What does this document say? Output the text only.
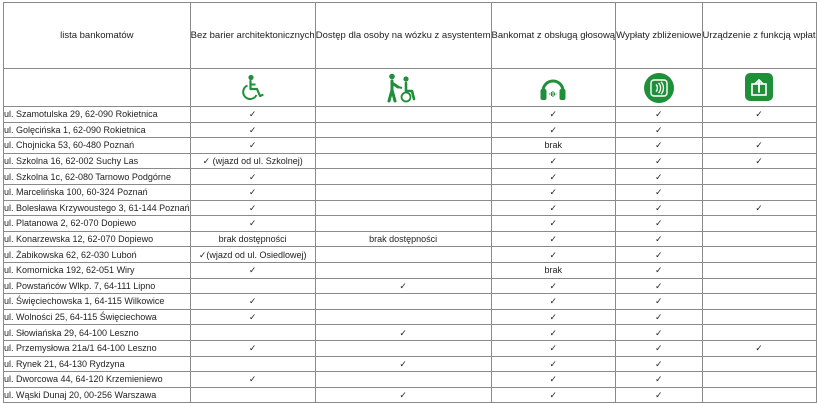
lista bankomatów	Bez barier architektonicznych	Dostęp dla osoby na wózku z asystentem	Bankomat z obsługą głosową	Wypłaty zbliżeniowe	Urządzenie z funkcją wpłat

ul. Szamotulska 29, 62-090 Rokietnica	✓		✓	✓	✓
ul. Golęcińska 1, 62-090 Rokietnica	✓		✓	✓	
ul. Chojnicka 53, 60-480 Poznań	✓		brak	✓	✓
ul. Szkolna 16, 62-002 Suchy Las	✓ (wjazd od ul. Szkolnej)		✓	✓	✓
ul. Szkolna 1c, 62-080 Tarnowo Podgórne	✓		✓	✓	
ul. Marcelińska 100, 60-324 Poznań	✓		✓	✓	
ul. Bolesława Krzywoustego 3, 61-144 Poznań	✓		✓	✓	✓
ul. Platanowa 2, 62-070 Dopiewo	✓		✓	✓	
ul. Konarzewska 12, 62-070 Dopiewo	brak dostępności	brak dostępności	✓	✓	
ul. Żabikowska 62, 62-030 Luboń	✓(wjazd od ul. Osiedlowej)		✓	✓	
ul. Komornicka 192, 62-051 Wiry	✓		brak	✓	
ul. Powstańców Wlkp. 7, 64-111 Lipno		✓	✓	✓	
ul. Święciechowska 1, 64-115 Wilkowice	✓		✓	✓	
ul. Wolności 25, 64-115 Święciechowa	✓		✓	✓	
ul. Słowiańska 29, 64-100 Leszno		✓	✓	✓	
ul. Przemysłowa 21a/1 64-100 Leszno	✓		✓	✓	✓
ul. Rynek 21, 64-130 Rydzyna		✓	✓	✓	
ul. Dworcowa 44, 64-120 Krzemieniewo	✓		✓	✓	
ul. Wąski Dunaj 20, 00-256 Warszawa		✓	✓	✓	
